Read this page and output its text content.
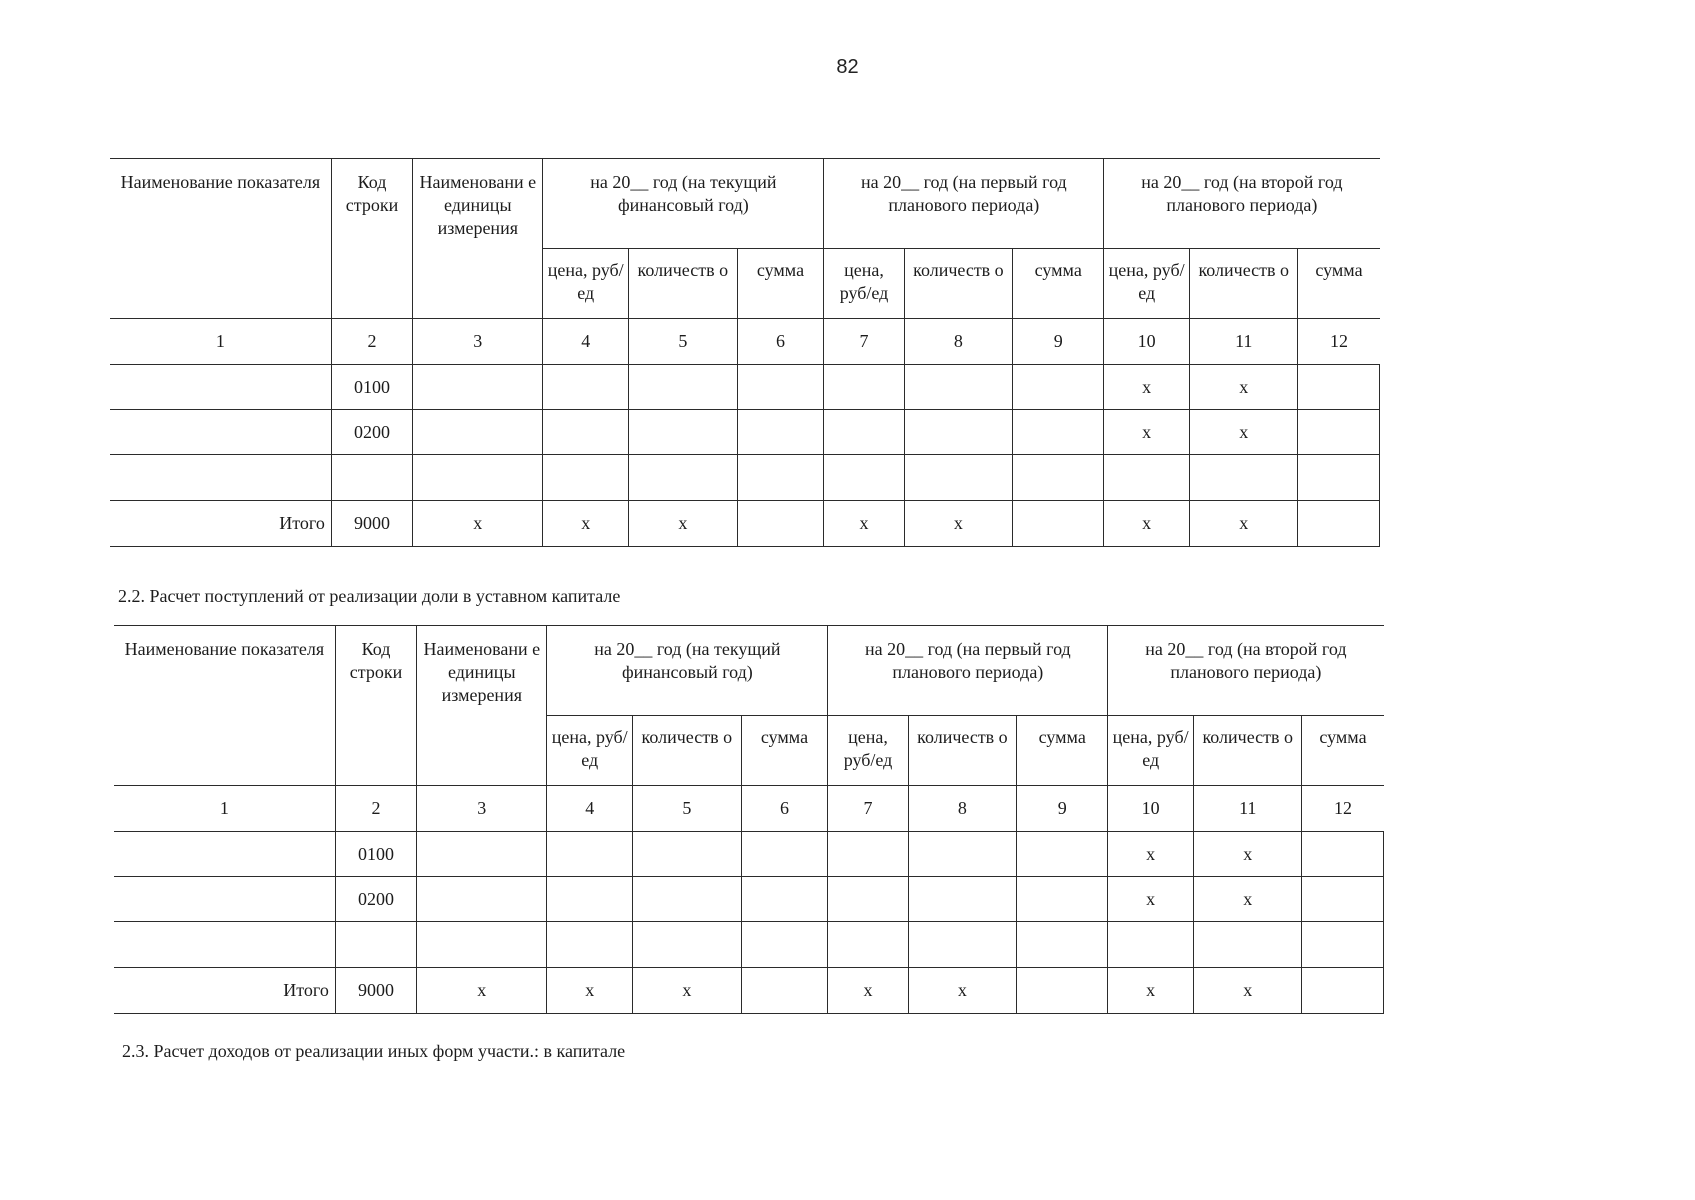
82
Наименование показателя	Код строки	Наименовани е единицы измерения	на 20__ год (на текущий финансовый год)			на 20__ год (на первый год планового периода)			на 20__ год (на второй год планового периода)		
			цена, руб/ед	количеств о	сумма	цена, руб/ед	количеств о	сумма	цена, руб/ед	количеств о	сумма
1	2	3	4	5	6	7	8	9	10	11	12
	0100								х	х	
	0200								х	х	

Итого	9000	х	х	х		х	х		х	х	
2.2. Расчет поступлений от реализации доли в уставном капитале
Наименование показателя	Код строки	Наименовани е единицы измерения	на 20__ год (на текущий финансовый год)			на 20__ год (на первый год планового периода)			на 20__ год (на второй год планового периода)		
			цена, руб/ед	количеств о	сумма	цена, руб/ед	количеств о	сумма	цена, руб/ед	количеств о	сумма
1	2	3	4	5	6	7	8	9	10	11	12
	0100								х	х	
	0200								х	х	

Итого	9000	х	х	х		х	х		х	х	
2.3. Расчет доходов от реализации иных форм участи.: в капитале
